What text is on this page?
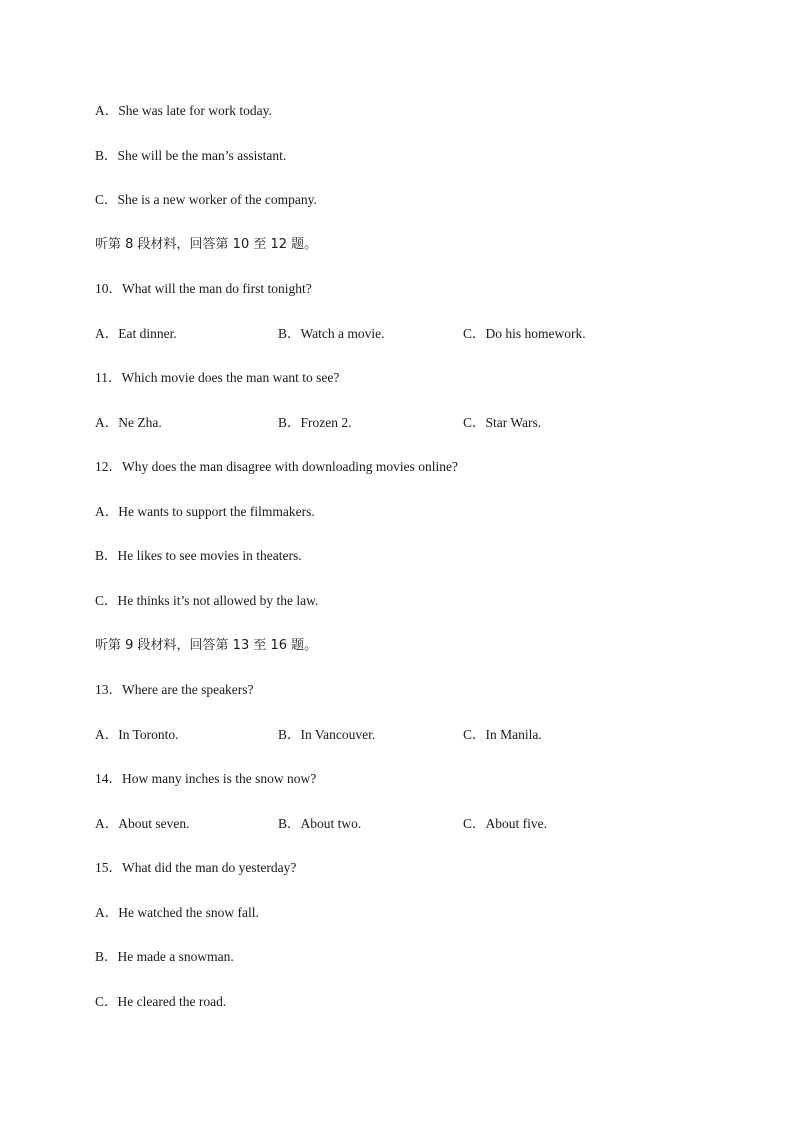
A．She was late for work today.
B．She will be the man’s assistant.
C．She is a new worker of the company.
听第 8 段材料，回答第 10 至 12 题。
10．What will the man do first tonight?
A．Eat dinner.	B．Watch a movie.	C．Do his homework.
11．Which movie does the man want to see?
A．Ne Zha.	B．Frozen 2.	C．Star Wars.
12．Why does the man disagree with downloading movies online?
A．He wants to support the filmmakers.
B．He likes to see movies in theaters.
C．He thinks it’s not allowed by the law.
听第 9 段材料，回答第 13 至 16 题。
13．Where are the speakers?
A．In Toronto.	B．In Vancouver.	C．In Manila.
14．How many inches is the snow now?
A．About seven.	B．About two.	C．About five.
15．What did the man do yesterday?
A．He watched the snow fall.
B．He made a snowman.
C．He cleared the road.
